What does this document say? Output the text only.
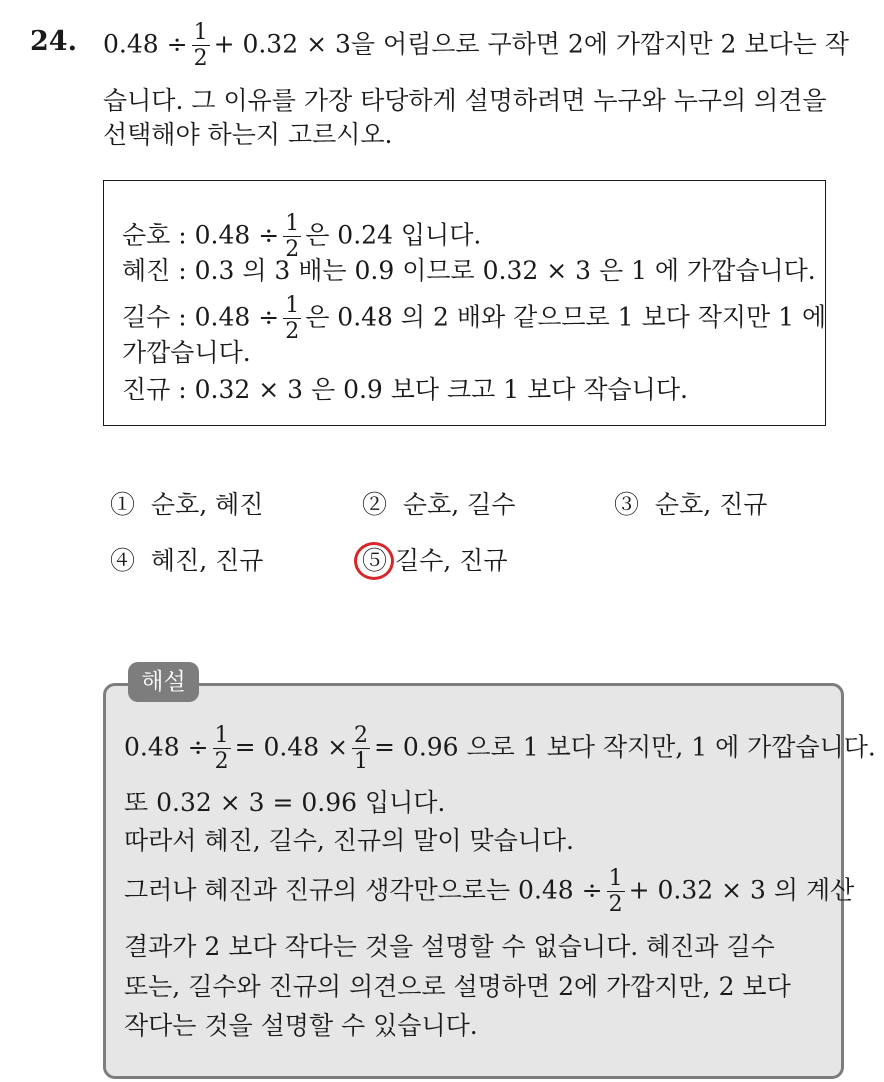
24. $0.48 \div \frac{1}{2} + 0.32 \times 3$을 어림으로 구하면 2에 가깝지만 2 보다는 작
습니다. 그 이유를 가장 타당하게 설명하려면 누구와 누구의 의견을
선택해야 하는지 고르시오.
순호 : $0.48 \div \frac{1}{2}$ 은 0.24 입니다.
혜진 : 0.3 의 3 배는 0.9 이므로 0.32 × 3 은 1 에 가깝습니다.
길수 : $0.48 \div \frac{1}{2}$ 은 0.48 의 2 배와 같으므로 1 보다 작지만 1 에
가깝습니다.
진규 : 0.32 × 3 은 0.9 보다 크고 1 보다 작습니다.
① 순호, 혜진	② 순호, 길수	③ 순호, 진규
④ 혜진, 진규	⑤ 길수, 진규
해설
$0.48 \div \frac{1}{2} = 0.48 \times \frac{2}{1} = 0.96$ 으로 1 보다 작지만, 1 에 가깝습니다.
또 0.32 × 3 = 0.96 입니다.
따라서 혜진, 길수, 진규의 말이 맞습니다.
그러나 혜진과 진규의 생각만으로는 $0.48 \div \frac{1}{2} + 0.32 \times 3$ 의 계산
결과가 2 보다 작다는 것을 설명할 수 없습니다. 혜진과 길수
또는, 길수와 진규의 의견으로 설명하면 2에 가깝지만, 2 보다
작다는 것을 설명할 수 있습니다.
